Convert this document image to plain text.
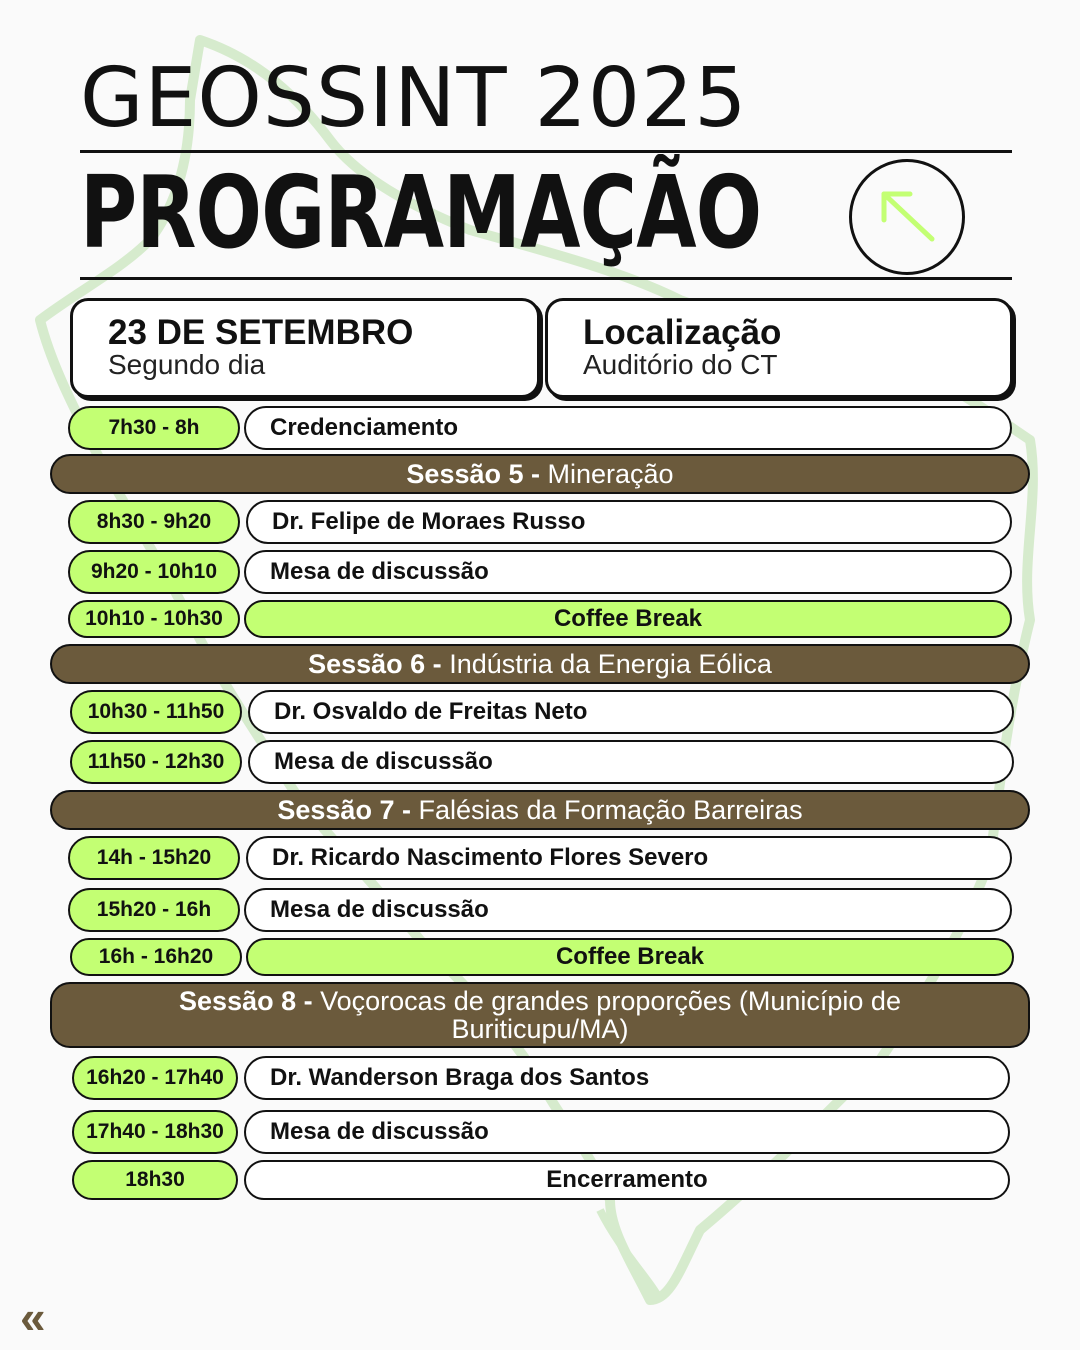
GEOSSINT 2025
PROGRAMAÇÃO
23 DE SETEMBRO
Segundo dia
Localização
Auditório do CT
7h30 - 8h	Credenciamento
Sessão 5 - Mineração
8h30 - 9h20	Dr. Felipe de Moraes Russo
9h20 - 10h10	Mesa de discussão
10h10 - 10h30	Coffee Break
Sessão 6 - Indústria da Energia Eólica
10h30 - 11h50	Dr. Osvaldo de Freitas Neto
11h50 - 12h30	Mesa de discussão
Sessão 7 - Falésias da Formação Barreiras
14h - 15h20	Dr. Ricardo Nascimento Flores Severo
15h20 - 16h	Mesa de discussão
16h - 16h20	Coffee Break
Sessão 8 - Voçorocas de grandes proporções (Município de Buriticupu/MA)
16h20 - 17h40	Dr. Wanderson Braga dos Santos
17h40 - 18h30	Mesa de discussão
18h30	Encerramento
«
